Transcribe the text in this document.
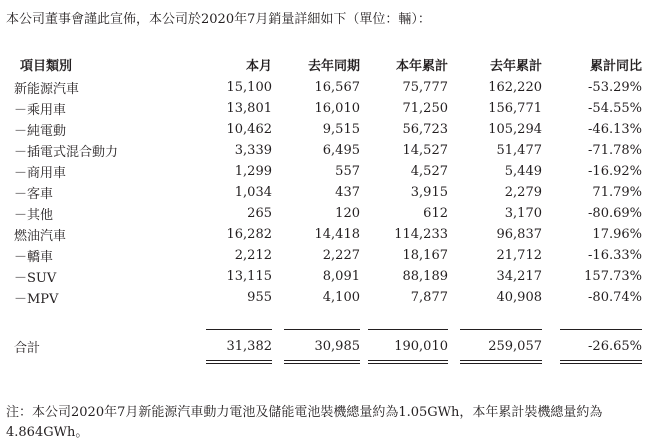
本公司董事會謹此宣佈，本公司於2020年7月銷量詳細如下（單位：輛）：
項目類別	本月	去年同期	本年累計	去年累計	累計同比
新能源汽車	15,100	16,567	75,777	162,220	-53.29%
－乘用車	13,801	16,010	71,250	156,771	-54.55%
－純電動	10,462	9,515	56,723	105,294	-46.13%
－插電式混合動力	3,339	6,495	14,527	51,477	-71.78%
－商用車	1,299	557	4,527	5,449	-16.92%
－客車	1,034	437	3,915	2,279	71.79%
－其他	265	120	612	3,170	-80.69%
燃油汽車	16,282	14,418	114,233	96,837	17.96%
－轎車	2,212	2,227	18,167	21,712	-16.33%
－SUV	13,115	8,091	88,189	34,217	157.73%
－MPV	955	4,100	7,877	40,908	-80.74%

合計	31,382	30,985	190,010	259,057	-26.65%

注：本公司2020年7月新能源汽車動力電池及儲能電池裝機總量約為1.05GWh，本年累計裝機總量約為4.864GWh。
